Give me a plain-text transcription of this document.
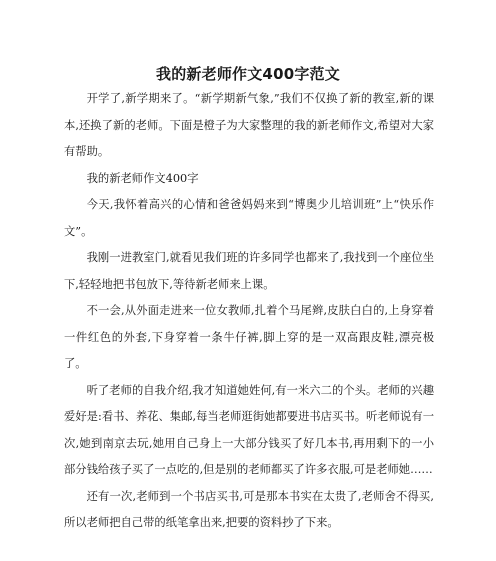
我的新老师作文400字范文

开学了,新学期来了。“新学期新气象,”我们不仅换了新的教室,新的课本,还换了新的老师。下面是橙子为大家整理的我的新老师作文,希望对大家有帮助。

我的新老师作文400字

今天,我怀着高兴的心情和爸爸妈妈来到“博奥少儿培训班”上“快乐作文”。

我刚一进教室门,就看见我们班的许多同学也都来了,我找到一个座位坐下,轻轻地把书包放下,等待新老师来上课。

不一会,从外面走进来一位女教师,扎着个马尾辫,皮肤白白的,上身穿着一件红色的外套,下身穿着一条牛仔裤,脚上穿的是一双高跟皮鞋,漂亮极了。

听了老师的自我介绍,我才知道她姓何,有一米六二的个头。老师的兴趣爱好是:看书、养花、集邮,每当老师逛街她都要进书店买书。听老师说有一次,她到南京去玩,她用自己身上一大部分钱买了好几本书,再用剩下的一小部分钱给孩子买了一点吃的,但是别的老师都买了许多衣服,可是老师她……

还有一次,老师到一个书店买书,可是那本书实在太贵了,老师舍不得买,所以老师把自己带的纸笔拿出来,把要的资料抄了下来。
